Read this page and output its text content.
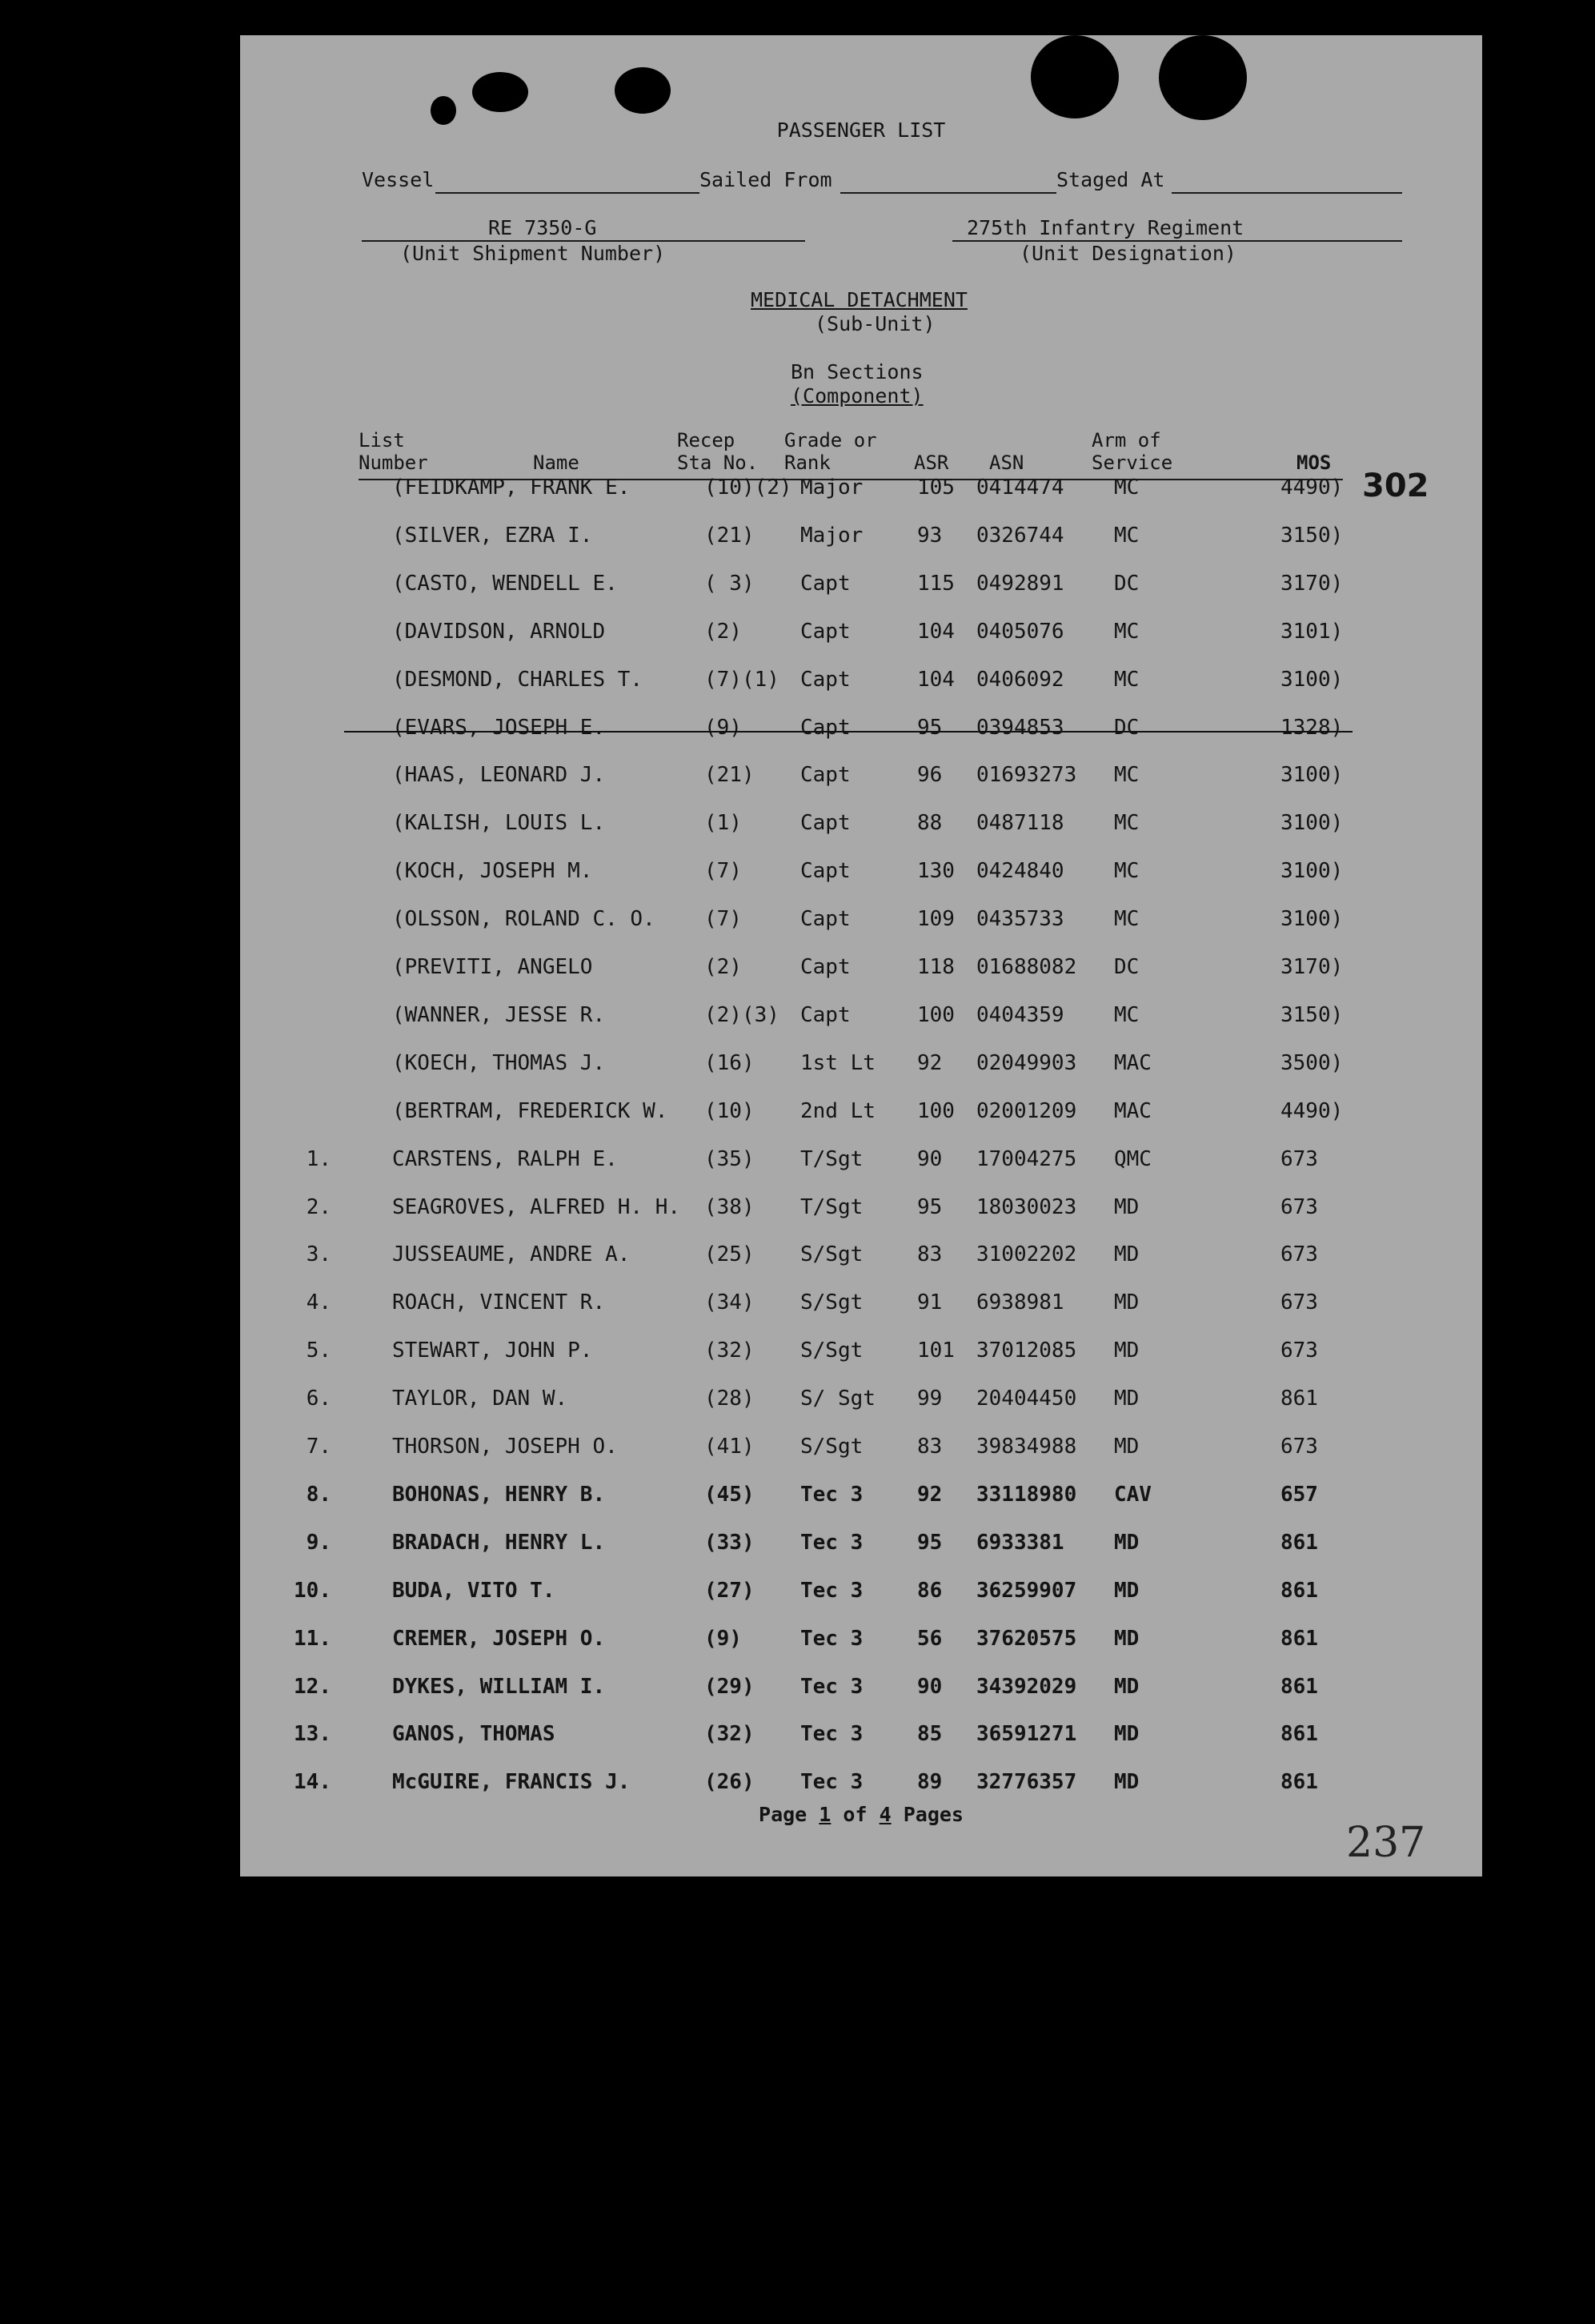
PASSENGER LIST
Vessel	Sailed From	Staged At
RE 7350-G
(Unit Shipment Number)
275th Infantry Regiment
(Unit Designation)
MEDICAL DETACHMENT
(Sub-Unit)
Bn Sections
(Component)
List
Number	Name
Recep
Sta No.
Grade or
Rank	ASR ASN
Arm of
Service	MOS
302
(FEIDKAMP, FRANK E.	(10)(2) Major	105 0414474 MC	4490)
(SILVER, EZRA I.	(21) Major	93 0326744 MC	3150)
(CASTO, WENDELL E.	( 3) Capt	115 0492891 DC	3170)
(DAVIDSON, ARNOLD	(2)	Capt	104 0405076 MC	3101)
(DESMOND, CHARLES T.	(7)(1) Capt	104 0406092 MC	3100)
(EVARS, JOSEPH E.	(9)	Capt	95 0394853 DC	1328)
(HAAS, LEONARD J.	(21) Capt	96 01693273 MC	3100)
(KALISH, LOUIS L.	(1)	Capt	88 0487118 MC	3100)
(KOCH, JOSEPH M.	(7)	Capt	130 0424840 MC	3100)
(OLSSON, ROLAND C. O. (7)	Capt	109 0435733 MC	3100)
(PREVITI, ANGELO	(2)	Capt	118 01688082 DC	3170)
(WANNER, JESSE R.	(2)(3) Capt	100 0404359 MC	3150)
(KOECH, THOMAS J.	(16) 1st Lt 92 02049903 MAC	3500)
(BERTRAM, FREDERICK W. (10) 2nd Lt 100 02001209 MAC	4490)
1.	CARSTENS, RALPH E.	(35) T/Sgt	90 17004275 QMC	673
2.	SEAGROVES, ALFRED H. H. (38) T/Sgt	95 18030023 MD	673
3.	JUSSEAUME, ANDRE A.	(25) S/Sgt	83 31002202 MD	673
4.	ROACH, VINCENT R.	(34) S/Sgt	91 6938981 MD	673
5.	STEWART, JOHN P.	(32) S/Sgt	101 37012085 MD	673
6.	TAYLOR, DAN W.	(28) S/ Sgt 99 20404450 MD	861
7.	THORSON, JOSEPH O.	(41) S/Sgt	83 39834988 MD	673
8.	BOHONAS, HENRY B.	(45) Tec 3	92 33118980 CAV	657
9.	BRADACH, HENRY L.	(33) Tec 3	95 6933381 MD	861
10.	BUDA, VITO T.	(27) Tec 3	86 36259907 MD	861
11.	CREMER, JOSEPH O.	(9)	Tec 3	56 37620575 MD	861
12.	DYKES, WILLIAM I.	(29) Tec 3	90 34392029 MD	861
13.	GANOS, THOMAS	(32) Tec 3	85 36591271 MD	861
14.	McGUIRE, FRANCIS J.	(26) Tec 3	89 32776357 MD	861
Page 1 of 4 Pages
237
